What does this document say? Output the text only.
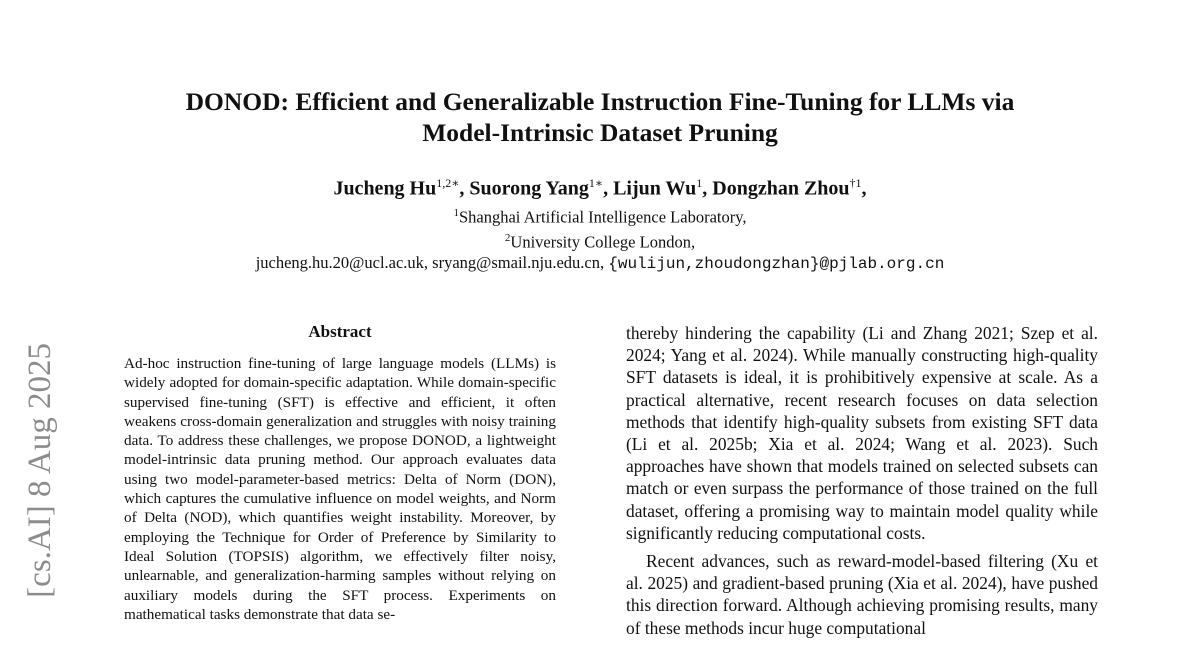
DONOD: Efficient and Generalizable Instruction Fine-Tuning for LLMs via
Model-Intrinsic Dataset Pruning
Jucheng $Hu^{1,2∗}$, Suorong Yang$^{1∗}$, Lijun Wu$^1$, Dongzhan Zhou$^{\dagger 1}$,
$^1$Shanghai Artificial Intelligence Laboratory,
$^2$University College London,
jucheng.hu.20@ucl.ac.uk, sryang@smail.nju.edu.cn, {wulijun,zhoudongzhan}@pjlab.org.cn
[cs.AI] 8 Aug 2025
Abstract

Ad-hoc instruction fine-tuning of large language models (LLMs) is widely adopted for domain-specific adaptation. While domain-specific supervised fine-tuning (SFT) is effective and efficient, it often weakens cross-domain generalization and struggles with noisy training data. To address these challenges, we propose DONOD, a lightweight model-intrinsic data pruning method. Our approach evaluates data using two model-parameter-based metrics: Delta of Norm (DON), which captures the cumulative influence on model weights, and Norm of Delta (NOD), which quantifies weight instability. Moreover, by employing the Technique for Order of Preference by Similarity to Ideal Solution (TOPSIS) algorithm, we effectively filter noisy, unlearnable, and generalization-harming samples without relying on auxiliary models during the SFT process. Experiments on mathematical tasks demonstrate that data se-

thereby hindering the capability (Li and Zhang 2021; Szep et al. 2024; Yang et al. 2024). While manually constructing high-quality SFT datasets is ideal, it is prohibitively expensive at scale. As a practical alternative, recent research focuses on data selection methods that identify high-quality subsets from existing SFT data (Li et al. 2025b; Xia et al. 2024; Wang et al. 2023). Such approaches have shown that models trained on selected subsets can match or even surpass the performance of those trained on the full dataset, offering a promising way to maintain model quality while significantly reducing computational costs.

Recent advances, such as reward-model-based filtering (Xu et al. 2025) and gradient-based pruning (Xia et al. 2024), have pushed this direction forward. Although achieving promising results, many of these methods incur huge computational
